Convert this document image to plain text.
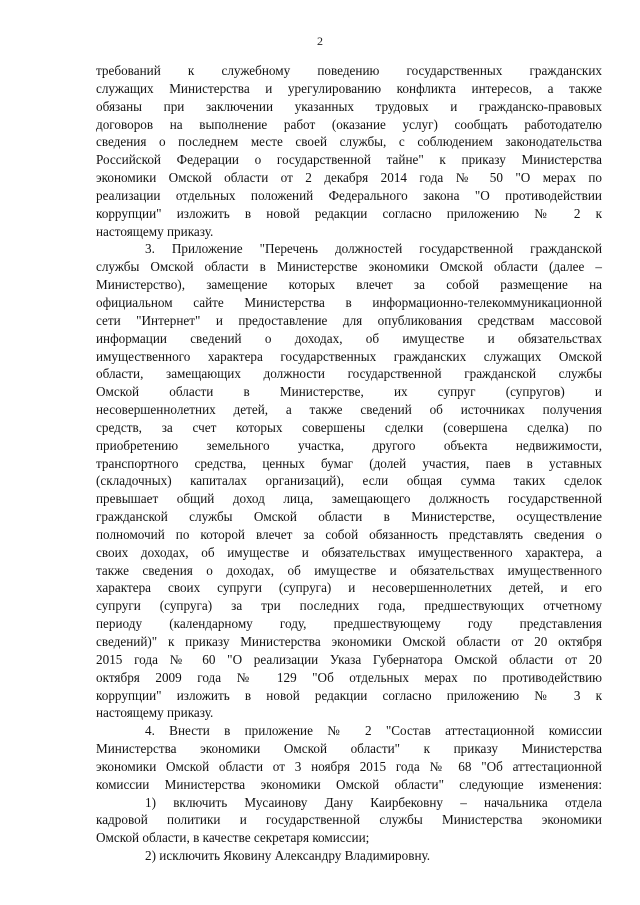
2
требований к служебному поведению государственных гражданских
служащих Министерства и урегулированию конфликта интересов, а также
обязаны при заключении указанных трудовых и гражданско-правовых
договоров на выполнение работ (оказание услуг) сообщать работодателю
сведения о последнем месте своей службы, с соблюдением законодательства
Российской Федерации о государственной тайне" к приказу Министерства
экономики Омской области от 2 декабря 2014 года № 50 "О мерах по
реализации отдельных положений Федерального закона "О противодействии
коррупции" изложить в новой редакции согласно приложению № 2 к
настоящему приказу.
3. Приложение "Перечень должностей государственной гражданской
службы Омской области в Министерстве экономики Омской области (далее –
Министерство), замещение которых влечет за собой размещение на
официальном сайте Министерства в информационно-телекоммуникационной
сети "Интернет" и предоставление для опубликования средствам массовой
информации сведений о доходах, об имуществе и обязательствах
имущественного характера государственных гражданских служащих Омской
области, замещающих должности государственной гражданской службы
Омской области в Министерстве, их супруг (супругов) и
несовершеннолетних детей, а также сведений об источниках получения
средств, за счет которых совершены сделки (совершена сделка) по
приобретению земельного участка, другого объекта недвижимости,
транспортного средства, ценных бумаг (долей участия, паев в уставных
(складочных) капиталах организаций), если общая сумма таких сделок
превышает общий доход лица, замещающего должность государственной
гражданской службы Омской области в Министерстве, осуществление
полномочий по которой влечет за собой обязанность представлять сведения о
своих доходах, об имуществе и обязательствах имущественного характера, а
также сведения о доходах, об имуществе и обязательствах имущественного
характера своих супруги (супруга) и несовершеннолетних детей, и его
супруги (супруга) за три последних года, предшествующих отчетному
периоду (календарному году, предшествующему году представления
сведений)" к приказу Министерства экономики Омской области от 20 октября
2015 года № 60 "О реализации Указа Губернатора Омской области от 20
октября 2009 года № 129 "Об отдельных мерах по противодействию
коррупции" изложить в новой редакции согласно приложению № 3 к
настоящему приказу.
4. Внести в приложение № 2 "Состав аттестационной комиссии
Министерства экономики Омской области" к приказу Министерства
экономики Омской области от 3 ноября 2015 года № 68 "Об аттестационной
комиссии Министерства экономики Омской области" следующие изменения:
1) включить Мусаинову Дану Каирбековну – начальника отдела
кадровой политики и государственной службы Министерства экономики
Омской области, в качестве секретаря комиссии;
2) исключить Яковину Александру Владимировну.
